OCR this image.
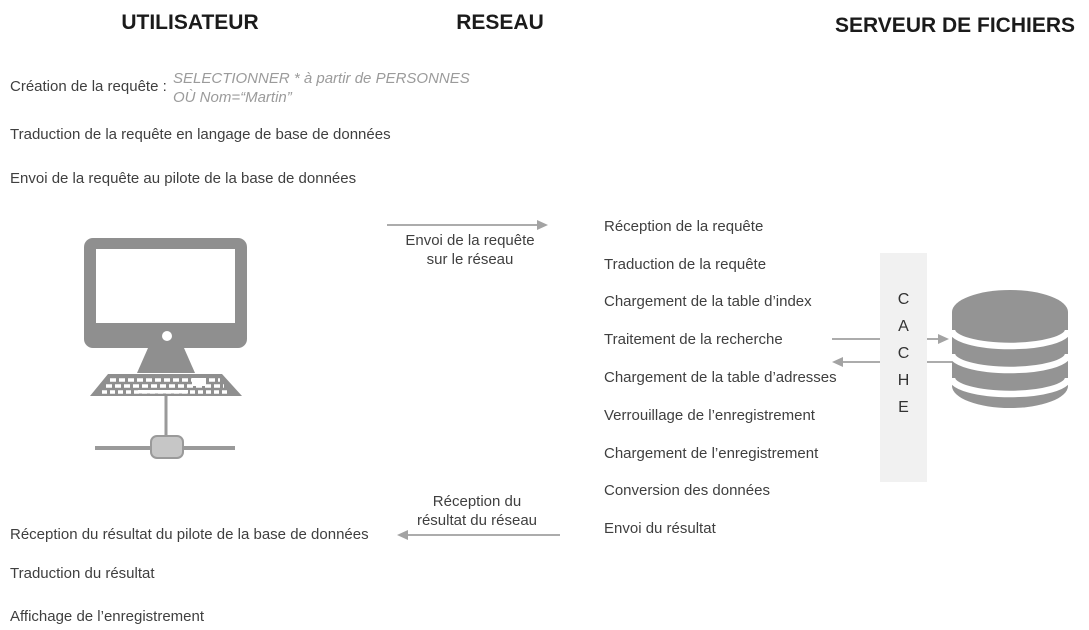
UTILISATEUR	RESEAU	SERVEUR DE FICHIERS
Création de la requête : SELECTIONNER * à partir de PERSONNES
OÙ Nom=“Martin”
Traduction de la requête en langage de base de données
Envoi de la requête au pilote de la base de données
Envoi de la requête
sur le réseau
Réception de la requête
Traduction de la requête
Chargement de la table d’index
Traitement de la recherche
Chargement de la table d’adresses
Verrouillage de l’enregistrement
Chargement de l’enregistrement
Conversion des données
Envoi du résultat
C
A
C
H
E
Réception du
résultat du réseau
Réception du résultat du pilote de la base de données
Traduction du résultat
Affichage de l’enregistrement
